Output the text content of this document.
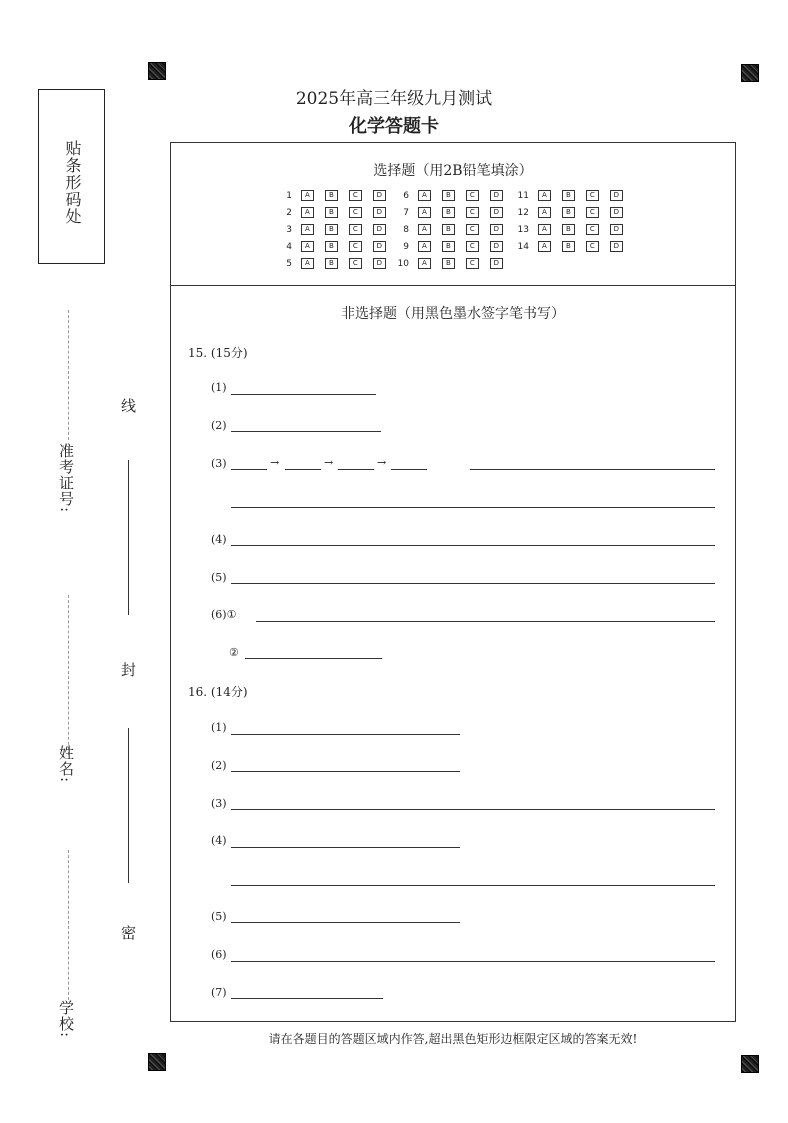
贴条形码处
准考证号:
姓名:
学校:
线
封
密
2025年高三年级九月测试
化学答题卡
选择题（用2B铅笔填涂）
1 A	B	C	D
2 A	B	C	D
3 A	B	C	D
4 A	B	C	D
5 A	B	C	D
6 A	B	C	D
7 A	B	C	D
8 A	B	C	D
9 A	B	C	D
10 A	B	C	D
11 A	B	C	D
12 A	B	C	D
13 A	B	C	D
14 A	B	C	D
非选择题（用黑色墨水签字笔书写）
15. (15分)
(1)
(2)
(3)	→	→	→
(4)
(5)
(6)①
②
16. (14分)
(1)
(2)
(3)
(4)
(5)
(6)
(7)
请在各题目的答题区域内作答,超出黑色矩形边框限定区域的答案无效!
